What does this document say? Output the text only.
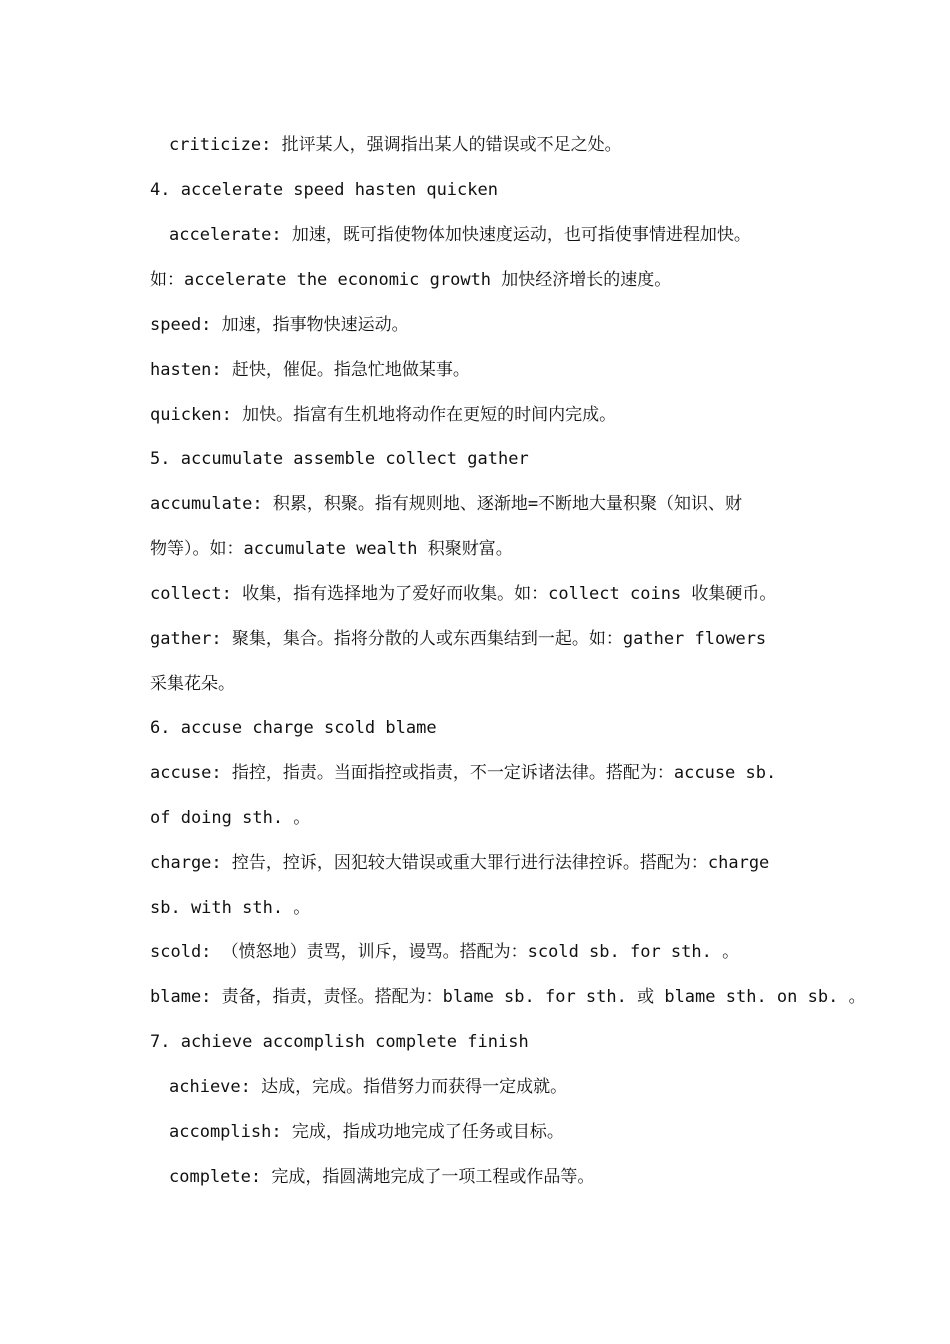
criticize: 批评某人，强调指出某人的错误或不足之处。
4. accelerate speed hasten quicken
accelerate: 加速，既可指使物体加快速度运动，也可指使事情进程加快。
如：accelerate the economic growth 加快经济增长的速度。
speed: 加速，指事物快速运动。
hasten: 赶快，催促。指急忙地做某事。
quicken: 加快。指富有生机地将动作在更短的时间内完成。
5. accumulate assemble collect gather
accumulate: 积累，积聚。指有规则地、逐渐地=不断地大量积聚（知识、财
物等）。如：accumulate wealth 积聚财富。
collect: 收集，指有选择地为了爱好而收集。如：collect coins 收集硬币。
gather: 聚集，集合。指将分散的人或东西集结到一起。如：gather flowers
采集花朵。
6. accuse charge scold blame
accuse: 指控，指责。当面指控或指责，不一定诉诸法律。搭配为：accuse sb.
of doing sth. 。
charge: 控告，控诉，因犯较大错误或重大罪行进行法律控诉。搭配为：charge
sb. with sth. 。
scold: （愤怒地）责骂，训斥，谩骂。搭配为：scold sb. for sth. 。
blame: 责备，指责，责怪。搭配为：blame sb. for sth. 或 blame sth. on sb. 。
7. achieve accomplish complete finish
achieve: 达成，完成。指借努力而获得一定成就。
accomplish: 完成，指成功地完成了任务或目标。
complete: 完成，指圆满地完成了一项工程或作品等。
